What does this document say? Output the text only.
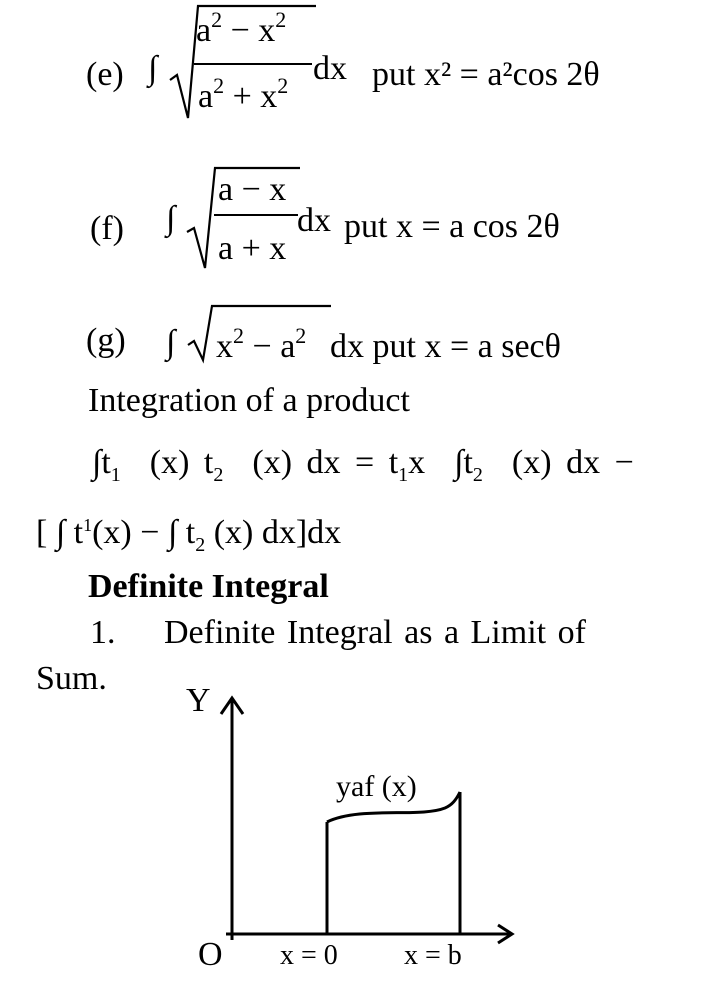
(e) ∫
$a^2 - x^2$
$a^2 + x^2$ dx put x² = a²cos 2θ
(f) ∫
a − x
a + x
dx put x = a cos 2θ
(g) ∫ $x^2 - a^2$ dx put x = a secθ
Integration of a product
$\int t_1$ (x) $t_2$ (x) dx = $t_1x$ $\int t_2$ (x) dx −
[ ∫ $t^1(x)$ − ∫ $t_2$ (x) dx]dx
Definite Integral
1. Definite Integral as a Limit of
Sum.
Y
O
yaf (x)
x = 0 x = b
